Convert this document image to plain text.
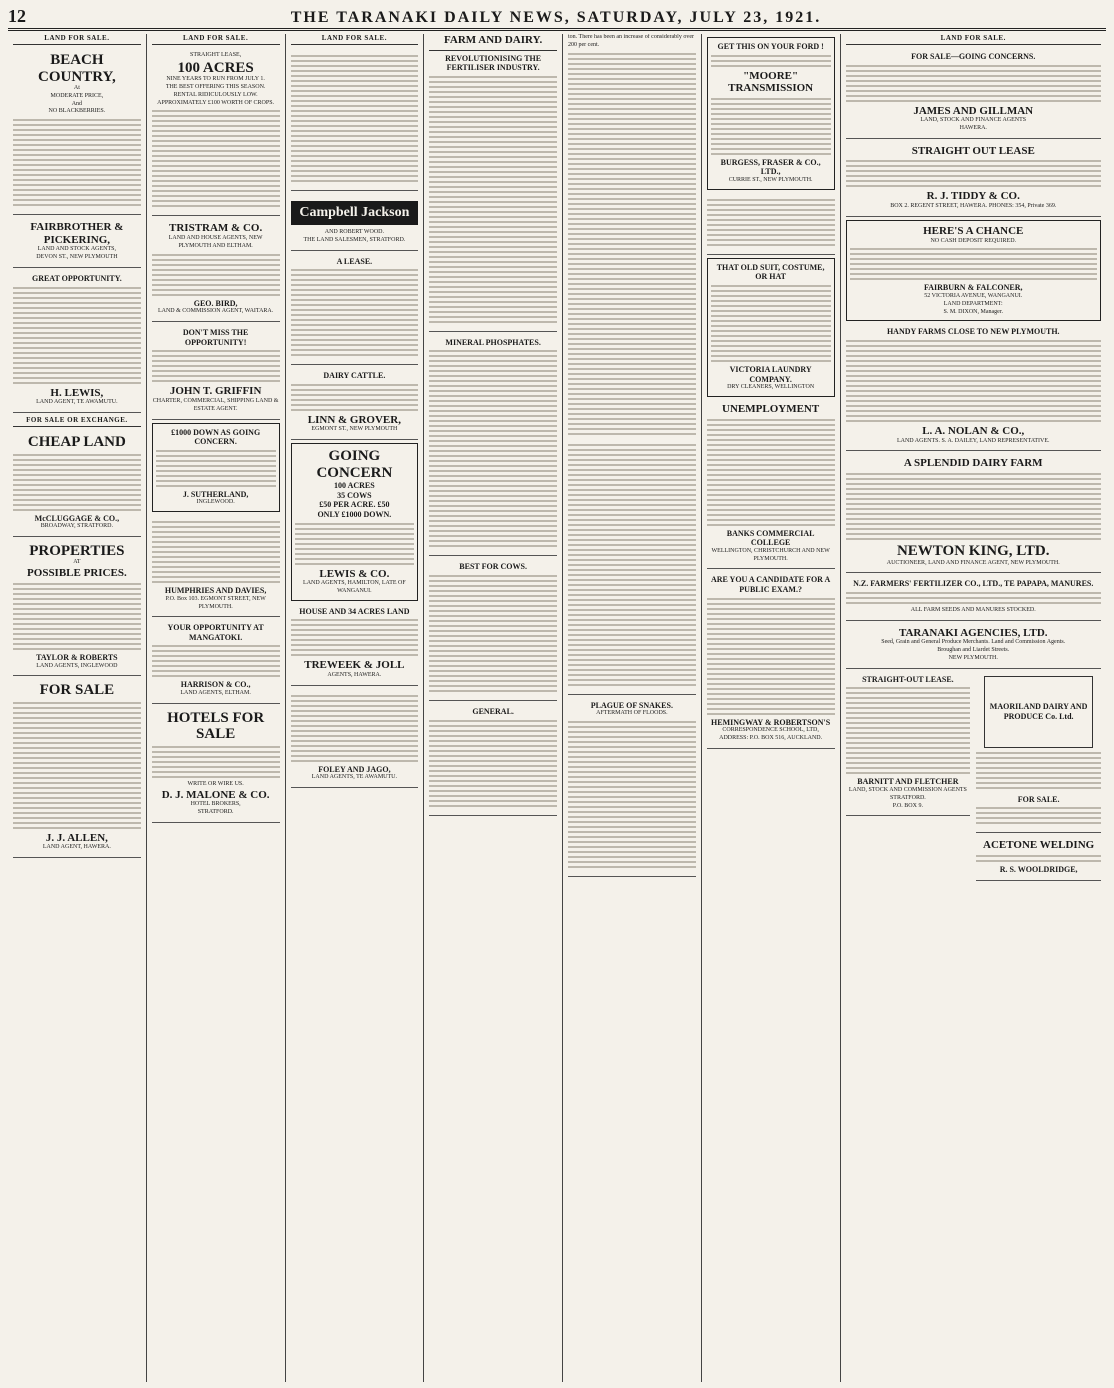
12	THE TARANAKI DAILY NEWS, SATURDAY, JULY 23, 1921.
LAND FOR SALE.
BEACH COUNTRY,
At
MODERATE PRICE,
And
NO BLACKBERRIES.
FAIRBROTHER &
PICKERING,
LAND AND STOCK AGENTS,
DEVON ST., NEW PLYMOUTH
GREAT OPPORTUNITY.
H. LEWIS,
LAND AGENT, TE AWAMUTU.
FOR SALE OR EXCHANGE.
CHEAP LAND
McCLUGGAGE & CO.,
BROADWAY, STRATFORD.
PROPERTIES
AT
POSSIBLE PRICES.
TAYLOR & ROBERTS
LAND AGENTS, INGLEWOOD
FOR SALE
J. J. ALLEN,
LAND AGENT, HAWERA.
LAND FOR SALE.
STRAIGHT LEASE,
100 ACRES
NINE YEARS TO RUN FROM JULY 1.
THE BEST OFFERING THIS SEASON.
RENTAL RIDICULOUSLY LOW.
APPROXIMATELY £100 WORTH OF CROPS.
TRISTRAM & CO.
LAND AND HOUSE AGENTS, NEW PLYMOUTH AND ELTHAM.
GEO. BIRD,
LAND & COMMISSION AGENT, WAITARA.
DON'T MISS THE OPPORTUNITY!
JOHN T. GRIFFIN
CHARTER, COMMERCIAL, SHIPPING LAND & ESTATE AGENT.
£1000 DOWN AS GOING CONCERN.
J. SUTHERLAND,
INGLEWOOD.
HUMPHRIES AND DAVIES,
P.O. Box 103. EGMONT STREET, NEW PLYMOUTH.
YOUR OPPORTUNITY AT MANGATOKI.
HARRISON & CO.,
LAND AGENTS, ELTHAM.
HOTELS FOR SALE
WRITE OR WIRE US.
D. J. MALONE & CO.
HOTEL BROKERS,
STRATFORD.
LAND FOR SALE.
Campbell Jackson
AND ROBERT WOOD.
THE LAND SALESMEN, STRATFORD.
A LEASE.
DAIRY CATTLE.
LINN & GROVER,
EGMONT ST., NEW PLYMOUTH
GOING CONCERN
100 ACRES
35 COWS
£50 PER ACRE. £50
ONLY £1000 DOWN.
LEWIS & CO.
LAND AGENTS, HAMILTON, LATE OF WANGANUI.
HOUSE AND 34 ACRES LAND
TREWEEK & JOLL
AGENTS, HAWERA.
FOLEY AND JAGO,
LAND AGENTS, TE AWAMUTU.
FARM AND DAIRY.
REVOLUTIONISING THE FERTILISER INDUSTRY.
MINERAL PHOSPHATES.
BEST FOR COWS.
GENERAL.
ton. There has been an increase of considerably over 200 per cent.
PLAGUE OF SNAKES.
AFTERMATH OF FLOODS.
GET THIS ON YOUR FORD !
"MOORE"
TRANSMISSION
BURGESS, FRASER & CO., LTD.,
CURRIE ST., NEW PLYMOUTH.
THAT OLD SUIT, COSTUME, OR HAT
VICTORIA LAUNDRY COMPANY.
DRY CLEANERS, WELLINGTON
UNEMPLOYMENT
BANKS COMMERCIAL COLLEGE
WELLINGTON, CHRISTCHURCH AND NEW PLYMOUTH.
ARE YOU A CANDIDATE FOR A PUBLIC EXAM.?
HEMINGWAY & ROBERTSON'S
CORRESPONDENCE SCHOOL, LTD,
ADDRESS: P.O. BOX 516, AUCKLAND.
LAND FOR SALE.
FOR SALE—GOING CONCERNS.
JAMES AND GILLMAN
LAND, STOCK AND FINANCE AGENTS
HAWERA.
STRAIGHT OUT LEASE
R. J. TIDDY & CO.
BOX 2. REGENT STREET, HAWERA. PHONES: 354, Private 369.
HERE'S A CHANCE
NO CASH DEPOSIT REQUIRED.
FAIRBURN & FALCONER,
52 VICTORIA AVENUE, WANGANUI.
LAND DEPARTMENT:
S. M. DIXON, Manager.
HANDY FARMS CLOSE TO NEW PLYMOUTH.
L. A. NOLAN & CO.,
LAND AGENTS. S. A. DAILEY, LAND REPRESENTATIVE.
A SPLENDID DAIRY FARM
NEWTON KING, LTD.
AUCTIONEER, LAND AND FINANCE AGENT, NEW PLYMOUTH.
N.Z. FARMERS' FERTILIZER CO., LTD., TE PAPAPA, MANURES.
ALL FARM SEEDS AND MANURES STOCKED.
TARANAKI AGENCIES, LTD.
Seed, Grain and General Produce Merchants. Land and Commission Agents.
Broughan and Liardet Streets.
NEW PLYMOUTH.
STRAIGHT-OUT LEASE.
BARNITT AND FLETCHER
LAND, STOCK AND COMMISSION AGENTS
STRATFORD.
P.O. BOX 9.
MAORILAND DAIRY AND PRODUCE Co. Ltd.
FOR SALE.
ACETONE WELDING
R. S. WOOLDRIDGE,
